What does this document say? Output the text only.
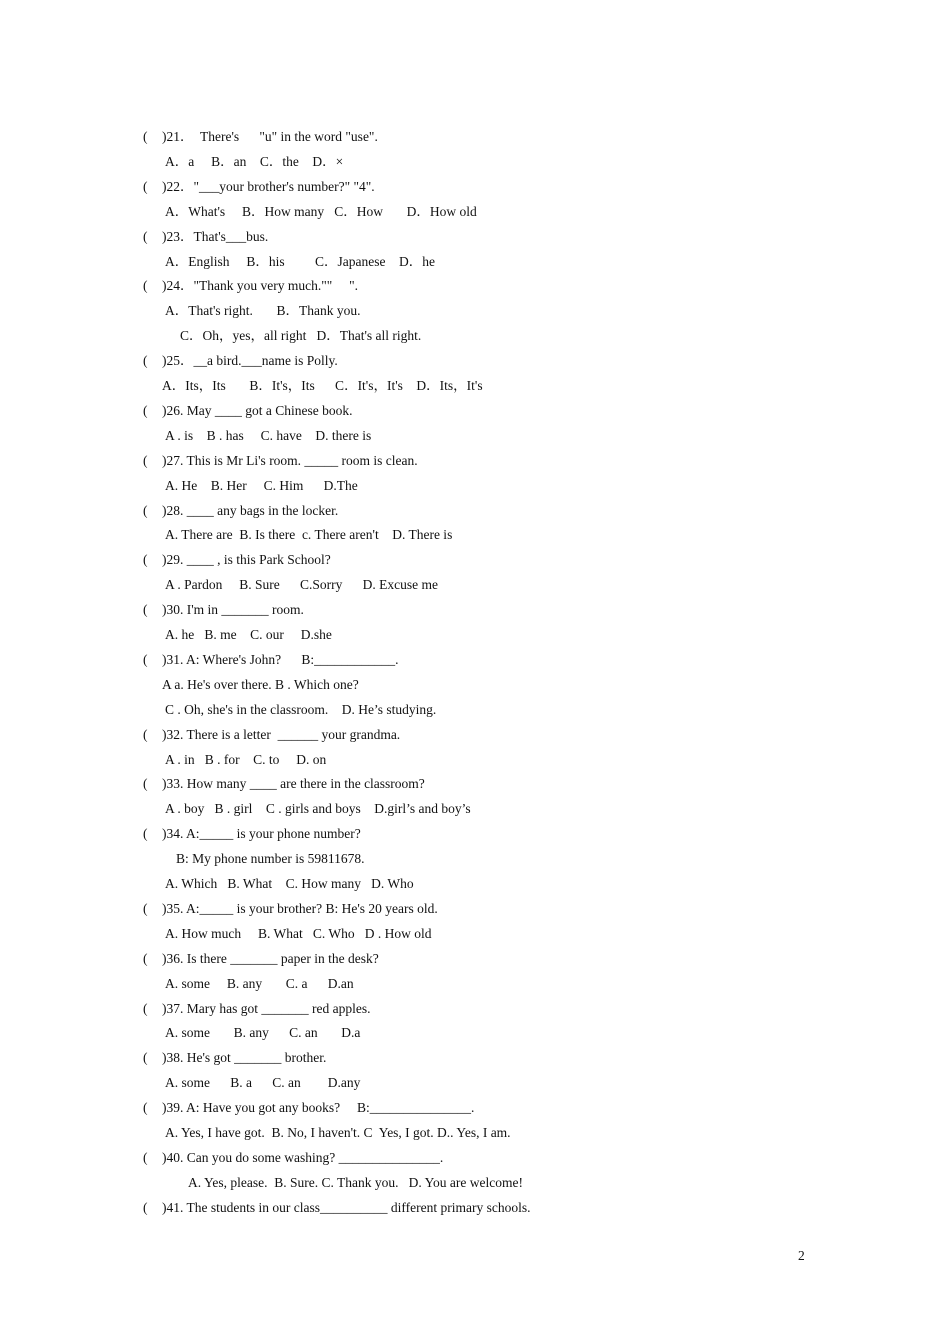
( )21．  There's      "u" in the word "use".
A．a     B．an    C．the    D．×
( )22．"___your brother's number?" "4".
A．What's     B．How many   C．How       D．How old
( )23．That's___bus.
A．English     B．his         C．Japanese    D．he
( )24．"Thank you very much.""     ".
A．That's right.       B．Thank you.
C．Oh，yes，all right   D．That's all right.
( )25．__a bird.___name is Polly.
A．Its，Its       B．It's，Its      C．It's，It's    D．Its，It's
( )26. May ____ got a Chinese book.
A . is    B . has     C. have    D. there is
( )27. This is Mr Li's room. _____ room is clean.
A. He    B. Her     C. Him      D.The
( )28. ____ any bags in the locker.
A. There are  B. Is there  c. There aren't    D. There is
( )29. ____ , is this Park School?
A . Pardon     B. Sure      C.Sorry      D. Excuse me
( )30. I'm in _______ room.
A. he   B. me    C. our     D.she
( )31. A: Where's John?      B:____________.
A a. He's over there. B . Which one?
C . Oh, she's in the classroom.    D. He’s studying.
( )32. There is a letter  ______ your grandma.
A . in   B . for    C. to     D. on
( )33. How many ____ are there in the classroom?
A . boy   B . girl    C . girls and boys    D.girl’s and boy’s
( )34. A:_____ is your phone number?
B: My phone number is 59811678.
A. Which   B. What    C. How many   D. Who
( )35. A:_____ is your brother? B: He's 20 years old.
A. How much     B. What   C. Who   D . How old
( )36. Is there _______ paper in the desk?
A. some     B. any       C. a      D.an
( )37. Mary has got _______ red apples.
A. some       B. any      C. an       D.a
( )38. He's got _______ brother.
A. some      B. a      C. an        D.any
( )39. A: Have you got any books?     B:_______________.
A. Yes, I have got.  B. No, I haven't. C  Yes, I got. D.. Yes, I am.
( )40. Can you do some washing? _______________.
A. Yes, please.  B. Sure. C. Thank you.   D. You are welcome!
( )41. The students in our class__________ different primary schools.
2
